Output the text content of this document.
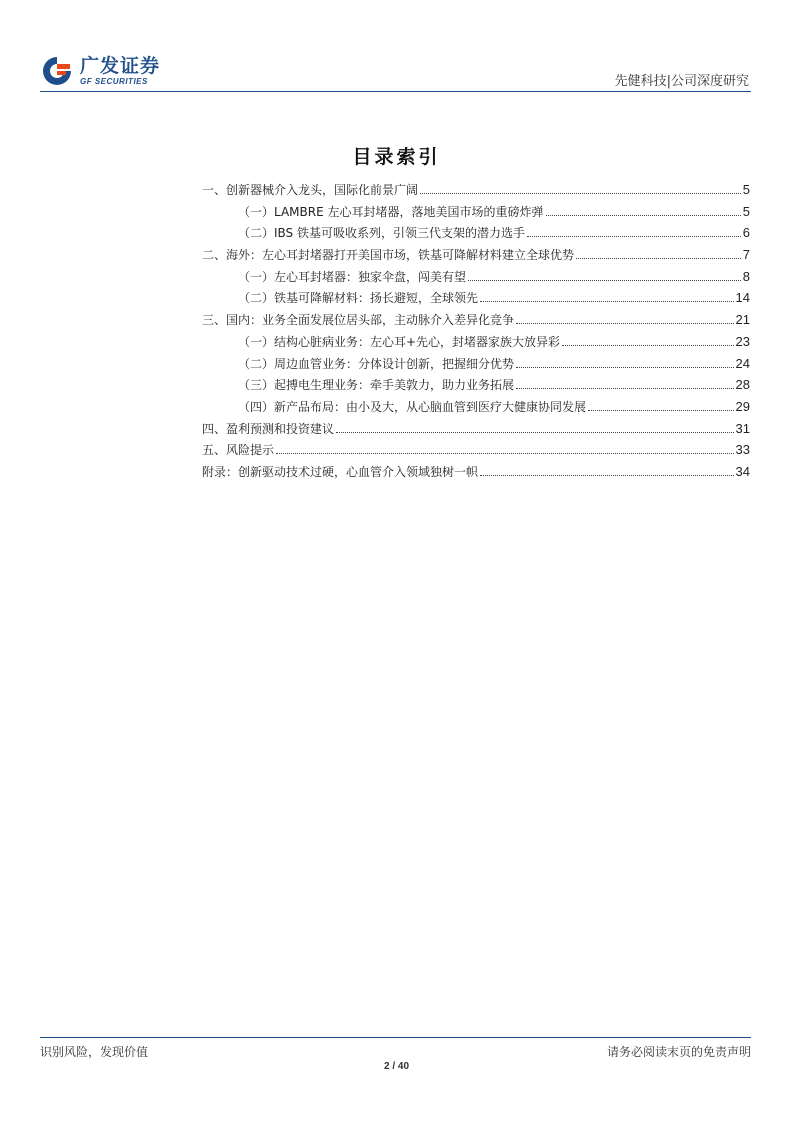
广发证券
GF SECURITIES	先健科技|公司深度研究
目录索引
一、创新器械介入龙头，国际化前景广阔	5
（一）LAMBRE 左心耳封堵器，落地美国市场的重磅炸弹	5
（二）IBS 铁基可吸收系列，引领三代支架的潜力选手	6
二、海外：左心耳封堵器打开美国市场，铁基可降解材料建立全球优势	7
（一）左心耳封堵器：独家伞盘，闯美有望	8
（二）铁基可降解材料：扬长避短，全球领先	14
三、国内：业务全面发展位居头部，主动脉介入差异化竞争	21
（一）结构心脏病业务：左心耳+先心，封堵器家族大放异彩	23
（二）周边血管业务：分体设计创新，把握细分优势	24
（三）起搏电生理业务：牵手美敦力，助力业务拓展	28
（四）新产品布局：由小及大，从心脑血管到医疗大健康协同发展	29
四、盈利预测和投资建议	31
五、风险提示	33
附录：创新驱动技术过硬，心血管介入领域独树一帜	34
识别风险，发现价值	请务必阅读末页的免责声明
2 / 40
